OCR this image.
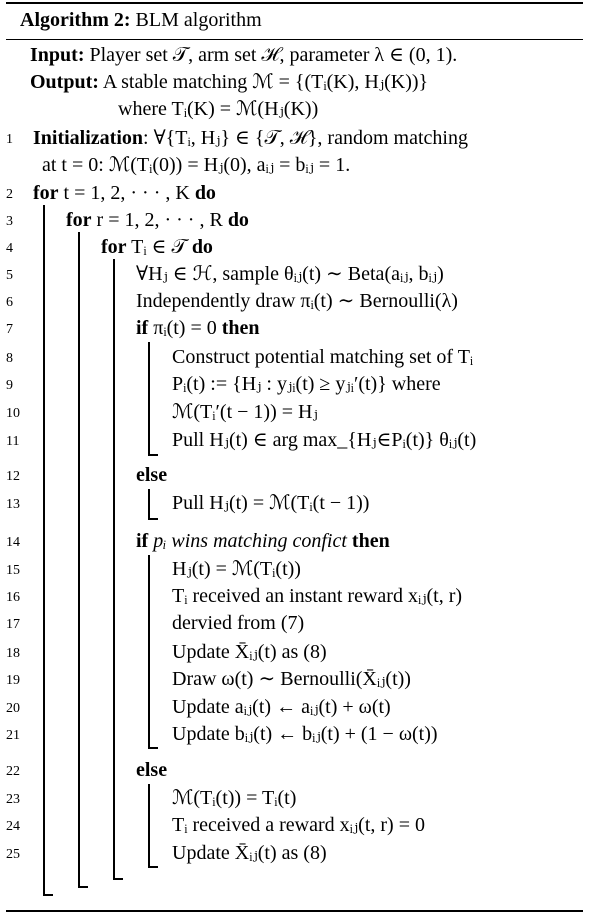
Algorithm 2: BLM algorithm
Input: Player set 𝒯, arm set ℋ, parameter λ ∈ (0, 1).
Output: A stable matching ℳ = {(Tᵢ(K), Hⱼ(K))}
where Tᵢ(K) = ℳ(Hⱼ(K))
Initialization: ∀{Tᵢ, Hⱼ} ∈ {𝒯, ℋ}, random matching
at t = 0: ℳ(Tᵢ(0)) = Hⱼ(0), aᵢⱼ = bᵢⱼ = 1.
for t = 1, 2, · · · , K do
for r = 1, 2, · · · , R do
for Tᵢ ∈ 𝒯 do
∀Hⱼ ∈ ℋ, sample θᵢⱼ(t) ∼ Beta(aᵢⱼ, bᵢⱼ)
Independently draw πᵢ(t) ∼ Bernoulli(λ)
if πᵢ(t) = 0 then
Construct potential matching set of Tᵢ
Pᵢ(t) := {Hⱼ : yⱼᵢ(t) ≥ yⱼᵢ′(t)} where
ℳ(Tᵢ′(t − 1)) = Hⱼ
Pull Hⱼ(t) ∈ arg max_{Hⱼ∈Pᵢ(t)} θᵢⱼ(t)
else
Pull Hⱼ(t) = ℳ(Tᵢ(t − 1))
if pᵢ wins matching confict then
Hⱼ(t) = ℳ(Tᵢ(t))
Tᵢ received an instant reward xᵢⱼ(t, r)
dervied from (7)
Update X̄ᵢⱼ(t) as (8)
Draw ω(t) ∼ Bernoulli(X̄ᵢⱼ(t))
Update aᵢⱼ(t) ← aᵢⱼ(t) + ω(t)
Update bᵢⱼ(t) ← bᵢⱼ(t) + (1 − ω(t))
else
ℳ(Tᵢ(t)) = Tᵢ(t)
Tᵢ received a reward xᵢⱼ(t, r) = 0
Update X̄ᵢⱼ(t) as (8)
1
2
3
4
5
6
7
8
9
10
11
12
13
14
15
16
17
18
19
20
21
22
23
24
25
